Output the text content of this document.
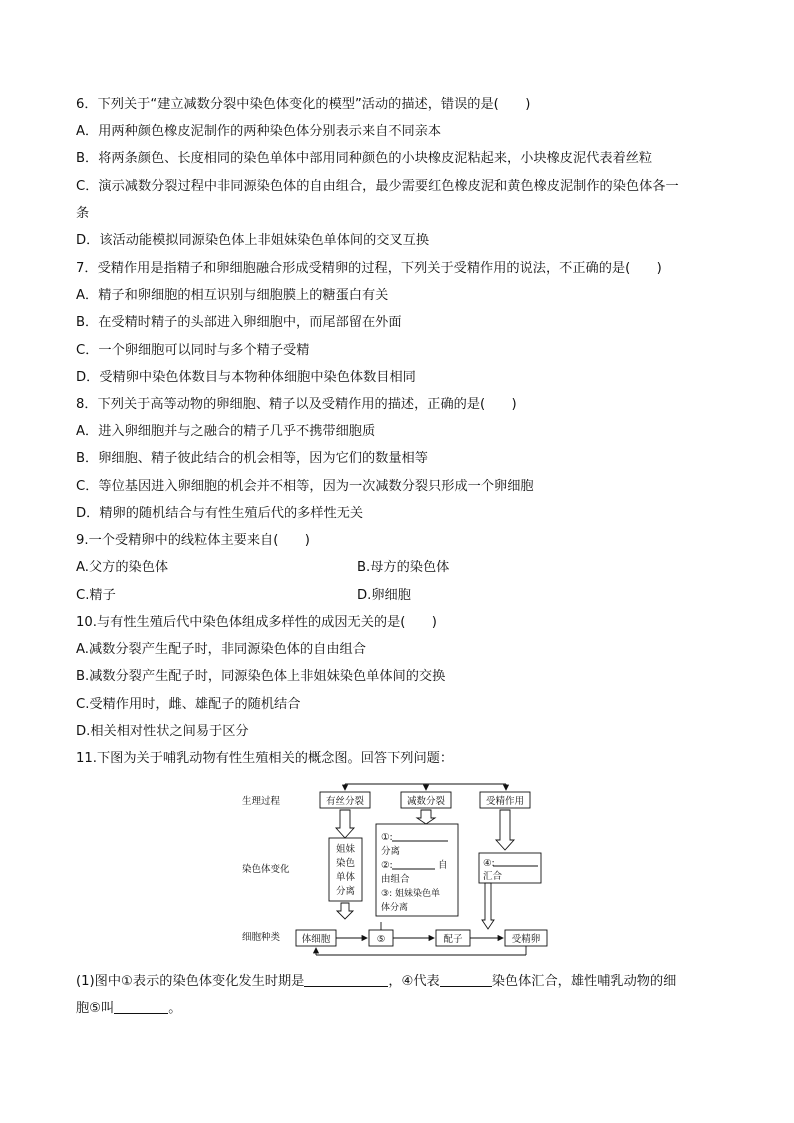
6．下列关于“建立减数分裂中染色体变化的模型”活动的描述，错误的是(　　)
A．用两种颜色橡皮泥制作的两种染色体分别表示来自不同亲本
B．将两条颜色、长度相同的染色单体中部用同种颜色的小块橡皮泥粘起来，小块橡皮泥代表着丝粒
C．演示减数分裂过程中非同源染色体的自由组合，最少需要红色橡皮泥和黄色橡皮泥制作的染色体各一
条
D．该活动能模拟同源染色体上非姐妹染色单体间的交叉互换
7．受精作用是指精子和卵细胞融合形成受精卵的过程，下列关于受精作用的说法，不正确的是(　　)
A．精子和卵细胞的相互识别与细胞膜上的糖蛋白有关
B．在受精时精子的头部进入卵细胞中，而尾部留在外面
C．一个卵细胞可以同时与多个精子受精
D．受精卵中染色体数目与本物种体细胞中染色体数目相同
8．下列关于高等动物的卵细胞、精子以及受精作用的描述，正确的是(　　)
A．进入卵细胞并与之融合的精子几乎不携带细胞质
B．卵细胞、精子彼此结合的机会相等，因为它们的数量相等
C．等位基因进入卵细胞的机会并不相等，因为一次减数分裂只形成一个卵细胞
D．精卵的随机结合与有性生殖后代的多样性无关
9.一个受精卵中的线粒体主要来自(　　)
A.父方的染色体	B.母方的染色体
C.精子	D.卵细胞
10.与有性生殖后代中染色体组成多样性的成因无关的是(　　)
A.减数分裂产生配子时，非同源染色体的自由组合
B.减数分裂产生配子时，同源染色体上非姐妹染色单体间的交换
C.受精作用时，雌、雄配子的随机结合
D.相关相对性状之间易于区分
11.下图为关于哺乳动物有性生殖相关的概念图。回答下列问题：
生理过程
染色体变化
细胞种类
有丝分裂	减数分裂	受精作用
姐妹
染色
单体
分离
①:
分离
②:	自
由组合
③: 姐妹染色单
体分离
④:
汇合
体细胞	⑤	配子	受精卵
(1)图中①表示的染色体变化发生时期是	，④代表	染色体汇合，雄性哺乳动物的细
胞⑤叫	。
